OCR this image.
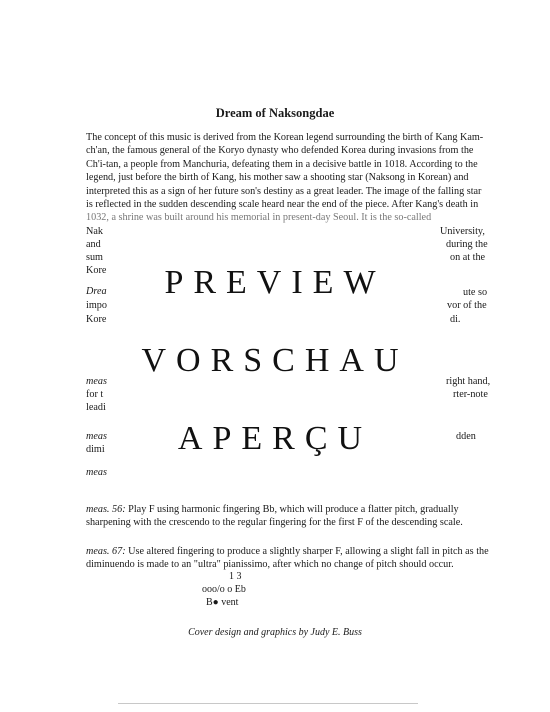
Dream of Naksongdae
The concept of this music is derived from the Korean legend surrounding the birth of Kang Kam-
ch'an, the famous general of the Koryo dynasty who defended Korea during invasions from the
Ch'i-tan, a people from Manchuria, defeating them in a decisive battle in 1018. According to the
legend, just before the birth of Kang, his mother saw a shooting star (Naksong in Korean) and
interpreted this as a sign of her future son's destiny as a great leader. The image of the falling star
is reflected in the sudden descending scale heard near the end of the piece. After Kang's death in
1032, a shrine was built around his memorial in present-day Seoul. It is the so-called
Nak
and
sum
Kore
Drea
impo
Kore
meas
for t
leadi
meas
dimi
meas
University,
during the
on at the
ute so
vor of the
di.
right hand,
rter-note
dden
PREVIEW
VORSCHAU
APERÇU

meas. 56: Play F using harmonic fingering Bb, which will produce a flatter pitch, gradually sharpening with the crescendo to the regular fingering for the first F of the descending scale.

meas. 67: Use altered fingering to produce a slightly sharper F, allowing a slight fall in pitch as the diminuendo is made to an "ultra" pianissimo, after which no change of pitch should occur.

1 3
ooo/o o Eb
B● vent
Cover design and graphics by Judy E. Buss
